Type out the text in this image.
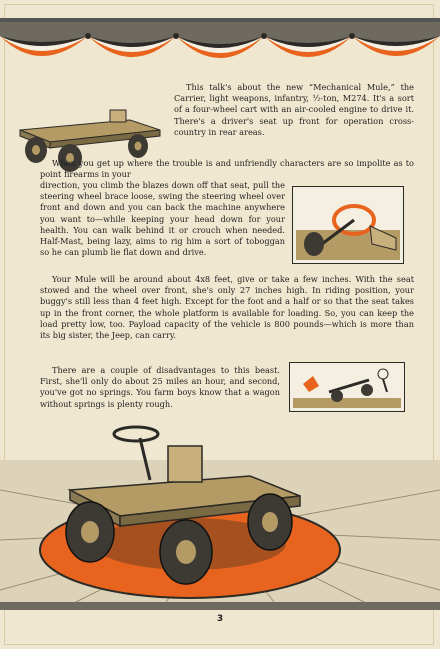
This talk's about the new “Mechanical Mule,” the Carrier, light weapons, infantry, ½-ton, M274. It's a sort of a four-wheel cart with an air-cooled engine to drive it. There's a driver's seat up front for operation cross-country in rear areas.

When you get up where the trouble is and unfriendly characters are so impolite as to point firearms in your

direction, you climb the blazes down off that seat, pull the steering wheel brace loose, swing the steering wheel over front and down and you can back the machine anywhere you want to—while keeping your head down for your health. You can walk behind it or crouch when needed. Half-Mast, being lazy, aims to rig him a sort of toboggan so he can plumb lie flat down and drive.

Your Mule will be around about 4x8 feet, give or take a few inches. With the seat stowed and the wheel over front, she's only 27 inches high. In riding position, your buggy's still less than 4 feet high. Except for the foot and a half or so that the seat takes up in the front corner, the whole platform is available for loading. So, you can keep the load pretty low, too. Payload capacity of the vehicle is 800 pounds—which is more than its big sister, the Jeep, can carry.

There are a couple of disadvantages to this beast. First, she'll only do about 25 miles an hour, and second, you've got no springs. You farm boys know that a wagon without springs is plenty rough.

3
